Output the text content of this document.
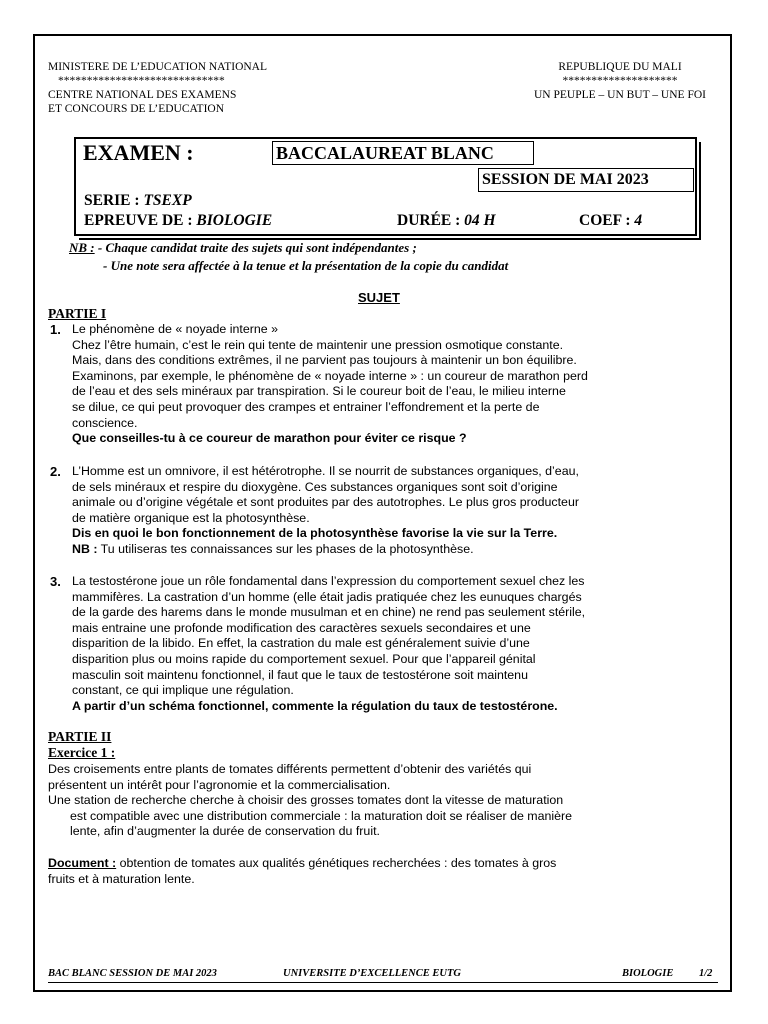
MINISTERE DE L’EDUCATION NATIONAL
*****************************
CENTRE NATIONAL DES EXAMENS
ET CONCOURS DE L’EDUCATION
REPUBLIQUE DU MALI
********************
UN PEUPLE – UN BUT – UNE FOI
EXAMEN :	BACCALAUREAT BLANC
SESSION DE MAI 2023
SERIE : TSEXP
EPREUVE DE : BIOLOGIE	DURÉE : 04 H	COEF : 4
NB : - Chaque candidat traite des sujets qui sont indépendantes ;
- Une note sera affectée à la tenue et la présentation de la copie du candidat
SUJET
PARTIE I
1. Le phénomène de « noyade interne »

Chez l’être humain, c’est le rein qui tente de maintenir une pression osmotique constante.

Mais, dans des conditions extrêmes, il ne parvient pas toujours à maintenir un bon équilibre.

Examinons, par exemple, le phénomène de « noyade interne » : un coureur de marathon perd

de l’eau et des sels minéraux par transpiration. Si le coureur boit de l’eau, le milieu interne

se dilue, ce qui peut provoquer des crampes et entrainer l’effondrement et la perte de

conscience.

Que conseilles-tu à ce coureur de marathon pour éviter ce risque ?

2. L’Homme est un omnivore, il est hétérotrophe. Il se nourrit de substances organiques, d’eau,

de sels minéraux et respire du dioxygène. Ces substances organiques sont soit d’origine

animale ou d’origine végétale et sont produites par des autotrophes. Le plus gros producteur

de matière organique est la photosynthèse.

Dis en quoi le bon fonctionnement de la photosynthèse favorise la vie sur la Terre.

NB : Tu utiliseras tes connaissances sur les phases de la photosynthèse.

3. La testostérone joue un rôle fondamental dans l’expression du comportement sexuel chez les

mammifères. La castration d’un homme (elle était jadis pratiquée chez les eunuques chargés

de la garde des harems dans le monde musulman et en chine) ne rend pas seulement stérile,

mais entraine une profonde modification des caractères sexuels secondaires et une

disparition de la libido. En effet, la castration du male est généralement suivie d’une

disparition plus ou moins rapide du comportement sexuel. Pour que l’appareil génital

masculin soit maintenu fonctionnel, il faut que le taux de testostérone soit maintenu

constant, ce qui implique une régulation.

A partir d’un schéma fonctionnel, commente la régulation du taux de testostérone.

PARTIE II
Exercice 1 :

Des croisements entre plants de tomates différents permettent d’obtenir des variétés qui

présentent un intérêt pour l’agronomie et la commercialisation.

Une station de recherche cherche à choisir des grosses tomates dont la vitesse de maturation

est compatible avec une distribution commerciale : la maturation doit se réaliser de manière

lente, afin d’augmenter la durée de conservation du fruit.

Document : obtention de tomates aux qualités génétiques recherchées : des tomates à gros

fruits et à maturation lente.

BAC BLANC SESSION DE MAI 2023	UNIVERSITE D’EXCELLENCE EUTG	BIOLOGIE 1/2
